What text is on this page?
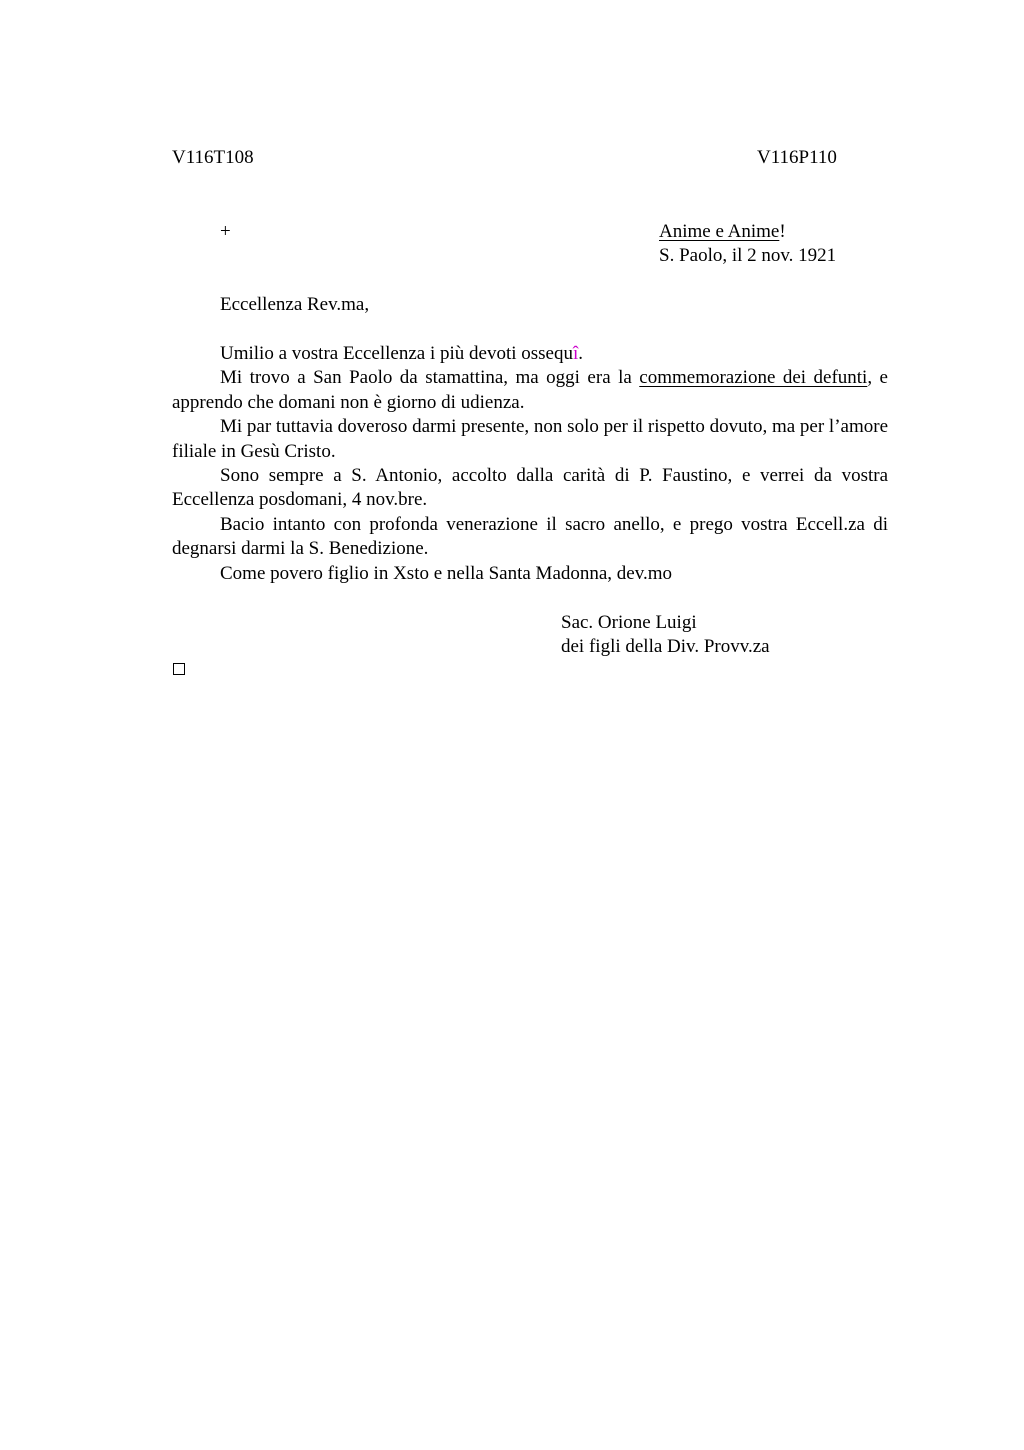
V116T108	V116P110
+	Anime e Anime!
S. Paolo, il 2 nov. 1921
Eccellenza Rev.ma,

Umilio a vostra Eccellenza i più devoti ossequî.

Mi trovo a San Paolo da stamattina, ma oggi era la commemorazione dei defunti, e apprendo che domani non è giorno di udienza.

Mi par tuttavia doveroso darmi presente, non solo per il rispetto dovuto, ma per l’amore filiale in Gesù Cristo.

Sono sempre a S. Antonio, accolto dalla carità di P. Faustino, e verrei da vostra Eccellenza posdomani, 4 nov.bre.

Bacio intanto con profonda venerazione il sacro anello, e prego vostra Eccell.za di degnarsi darmi la S. Benedizione.

Come povero figlio in Xsto e nella Santa Madonna, dev.mo

Sac. Orione Luigi
dei figli della Div. Provv.za
